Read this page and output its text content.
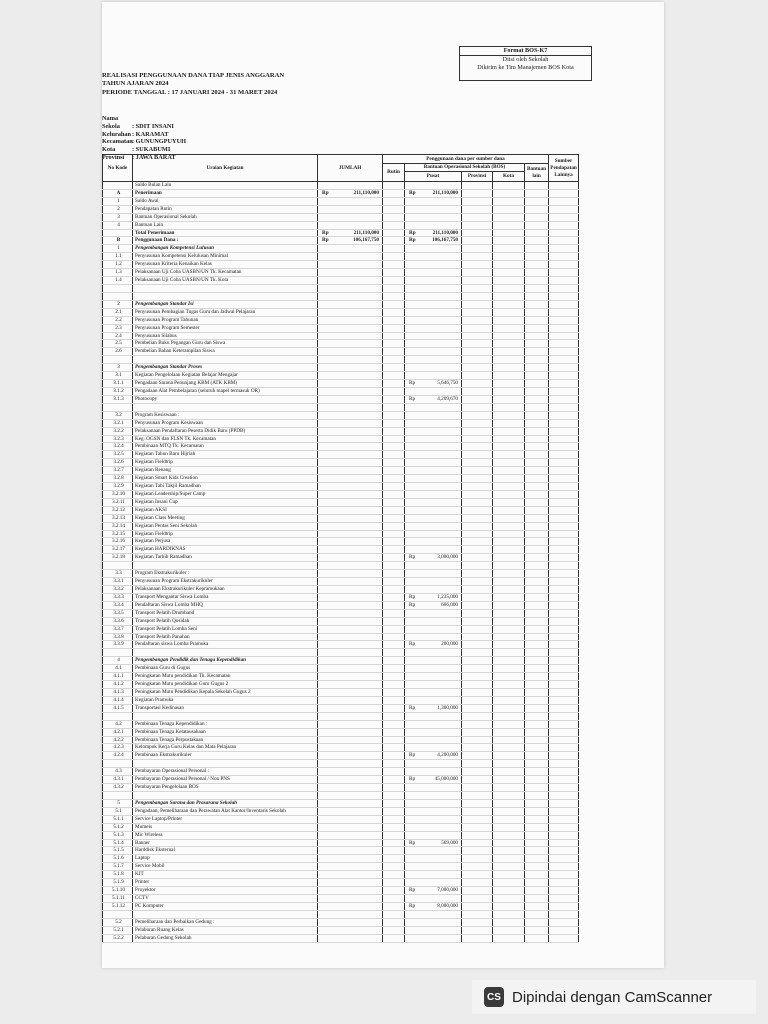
Format BOS-K7
Diisi oleh Sekolah
Dikirim ke Tim Manajemen BOS Kota
REALISASI PENGGUNAAN DANA TIAP JENIS ANGGARAN
TAHUN AJARAN 2024
PERIODE TANGGAL : 17 JANUARI 2024 - 31 MARET 2024
Nama Sekola : SDIT INSANI
Kelurahan: KARAMAT
Kecamatan: GUNUNGPUYUH
Kota	: SUKABUMI
Provinsi : JAWA BARAT
No Kode	Uraian Kegiatan	JUMLAH	Penggunaan dana per sumber dana					Sumber Pendapatan Lainnya
			Rutin	Bantuan Operasional Sekolah (BOS)			Bantuan lain	
				Pusat	Provinsi	Kota		
	Saldo Bulan Lalu	

A	Penerimaan	Rp 211,110,000		Rp 211,110,000				

1	Saldo Awal	

2	Pendapatan Rutin	

3	Bantuan Operasional Sekolah	

4	Bantuan Lain	

	Total Penerimaan	Rp 211,110,000		Rp 211,110,000				

B	Penggunaan Dana :	Rp 106,167,750		Rp 106,167,750				

1	Pengembangan Kompetensi Lulusan	

1.1	Penyusunan Kompetensi Kelulusan Minimal	

1.2	Penyusunan Kriteria Kenaikan Kelas	

1.3	Pelaksanaan Uji Coba UASBN/UN Tk. Kecamatan	

1.4	Pelaksanaan Uji Coba UASBN/UN Tk. Kota	

2	Pengembangan Standar Isi	

2.1	Penyusunan Pembagian Tugas Guru dan Jadwal Pelajaran	

2.2	Penyusunan Program Tahunan	

2.3	Penyusunan Program Semester	

2.4	Penyusunan Silabus	

2.5	Pembelian Buku Pegangan Guru dan Siswa	

2.6	Pembelian Bahan Keterampilan Siswa	

3	Pengembangan Standar Proses	

3.1	Kegiatan Pengelolaan Kegiatan Belajar Mengajar	

3.1.1	Pengadaan Sarana Penunjang KBM (ATK KBM)			Rp 5,646,750				

3.1.2	Pengadaan Alat Pembelajaran (seluruh mapel termasuk OR)	

3.1.3	Photocopy			Rp 4,209,670				

3.2	Program Kesiswaan :	

3.2.1	Penyusunan Program Kesiswaan	

3.2.2	Pelaksanaan Pendaftaran Peserta Didik Baru (PPDB)	

3.2.3	Keg. OGSN dan FLSN Tk. Kecamatan	

3.2.4	Pembinaan MTQ Tk. Kecamatan	

3.2.5	Kegiatan Tahun Baru Hijriah	

3.2.6	Kegiatan Fieldtrip	

3.2.7	Kegiatan Renang	

3.2.8	Kegiatan Smart Kids Creation	

3.2.9	Kegiatan Tabi Takjil Ramadhan	

3.2.10	Kegiatan Leadership/Super Camp	

3.2.11	Kegiatan Insani Cup	

3.2.12	Kegiatan AKSI	

3.2.13	Kegiatan Class Meeting	

3.2.14	Kegiatan Pentas Seni Sekolah	

3.2.15	Kegiatan Fieldtrip	

3.2.16	Kegiatan Perjusa	

3.2.17	Kegiatan HARDIKNAS	

3.2.18	Kegiatan Tarhib Ramadhan			Rp 3,000,000				

3.3	Program Ekstrakurikuler :	

3.3.1	Penyusunan Program Ekstrakurikuler	

3.3.2	Pelaksanaan Ekstrakurikuler Kepramukaan	

3.3.3	Transport Mengantar Siswa Lomba			Rp 1,235,000				

3.3.4	Pendaftaran Siswa Lomba MHQ			Rp 666,000				

3.3.5	Transport Pelatih Drumband	

3.3.6	Transport Pelatih Qosidah	

3.3.7	Transport Pelatih Lomba Seni	

3.3.8	Transport Pelatih Panahan	

3.3.9	Pendaftaran siswa Lomba Pramuka			Rp 200,000				

4	Pengembangan Pendidik dan Tenaga Kependidikan	

4.1	Pembinaan Guru di Gugus	

4.1.1	Peningkatan Mutu pendidikan Tk. Kecamatan	

4.1.2	Peningkatan Mutu pendidikan Guru Gugus 2	

4.1.3	Peningkatan Mutu Pendidikan Kepala Sekolah Gugus 2	

4.1.4	Kegiatan Pramuka	

4.1.5	Transportasi Kedinasan			Rp 1,300,000				

4.2	Pembinaan Tenaga Kependidikan :	

4.2.1	Pembinaan Tenaga Ketatausahaan	

4.2.2	Pembinaan Tenaga Perpustakaan	

4.2.3	Kelompok Kerja Guru Kelas dan Mata Pelajaran	

4.2.4	Pembinaan Ekstrakurikuler			Rp 4,200,000				

4.3	Pembayaran Operasional Personal :	

4.3.1	Pembayaran Operasional Personal / Non PNS			Rp 45,000,000				

4.3.2	Pembayaran Pengelolaan BOS	

5	Pengembangan Sarana dan Prasarana Sekolah	

5.1	Pengadaan, Pemeliharaan dan Perawatan Alat Kantor/Inventaris Sekolah	

5.1.1	Service Laptop/Printer	

5.1.2	Mumeis	

5.1.3	Mic Wireless	

5.1.4	Banner			Rp 569,000				

5.1.5	Harddisk Eksternal	

5.1.6	Laptop	

5.1.7	Service Mobil	

5.1.8	KIT	

5.1.9	Printer	

5.1.10	Proyektor			Rp 7,000,000				

5.1.11	CCTV	

5.1.12	PC Komputer			Rp 8,000,000				

5.2	Pemeliharaan dan Perbaikan Gedung :	

5.2.1	Pelaburan Ruang Kelas	

5.2.2	Pelaburan Gedung Sekolah	

CS Dipindai dengan CamScanner
